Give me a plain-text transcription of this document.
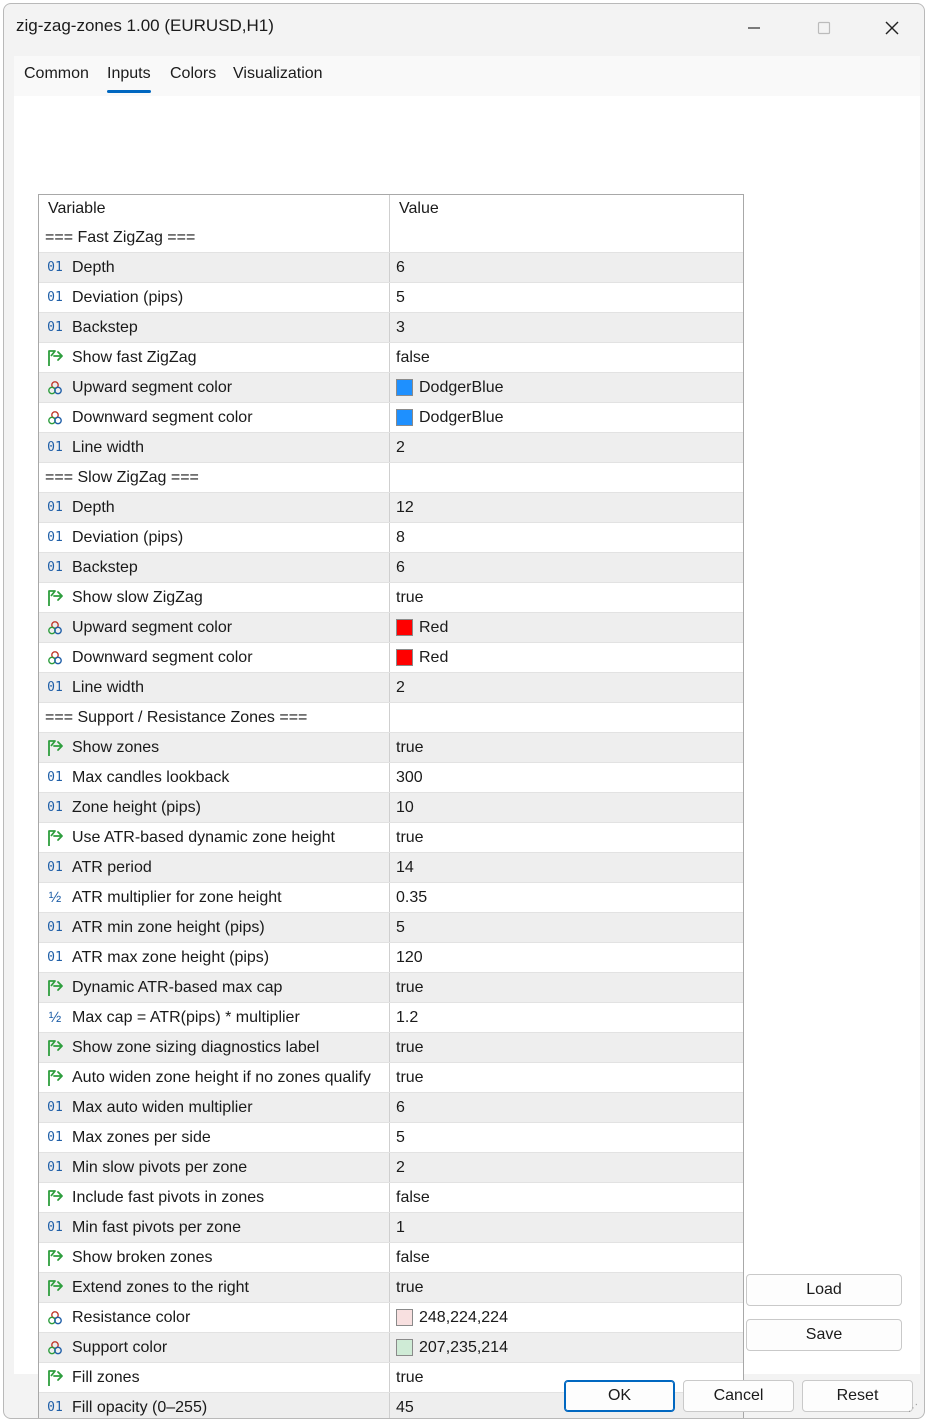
zig-zag-zones 1.00 (EURUSD,H1)
Common Inputs Colors Visualization
Variable	Value
=== Fast ZigZag ===
01 Depth	6
01 Deviation (pips)	5
01 Backstep	3
Show fast ZigZag	false
Upward segment color	DodgerBlue
Downward segment color	DodgerBlue
01 Line width	2
=== Slow ZigZag ===
01 Depth	12
01 Deviation (pips)	8
01 Backstep	6
Show slow ZigZag	true
Upward segment color	Red
Downward segment color	Red
01 Line width	2
=== Support / Resistance Zones ===
Show zones	true
01 Max candles lookback	300
01 Zone height (pips)	10
Use ATR-based dynamic zone height	true
01 ATR period	14
½ ATR multiplier for zone height	0.35
01 ATR min zone height (pips)	5
01 ATR max zone height (pips)	120
Dynamic ATR-based max cap	true
½ Max cap = ATR(pips) * multiplier	1.2
Show zone sizing diagnostics label	true
Auto widen zone height if no zones qualify true
01 Max auto widen multiplier	6
01 Max zones per side	5
01 Min slow pivots per zone	2
Include fast pivots in zones	false
01 Min fast pivots per zone	1
Show broken zones	false
Extend zones to the right	true
Resistance color	248,224,224
Support color	207,235,214
Fill zones	true
01 Fill opacity (0–255)	45
Load
Save
OK	Cancel	Reset
⋰
